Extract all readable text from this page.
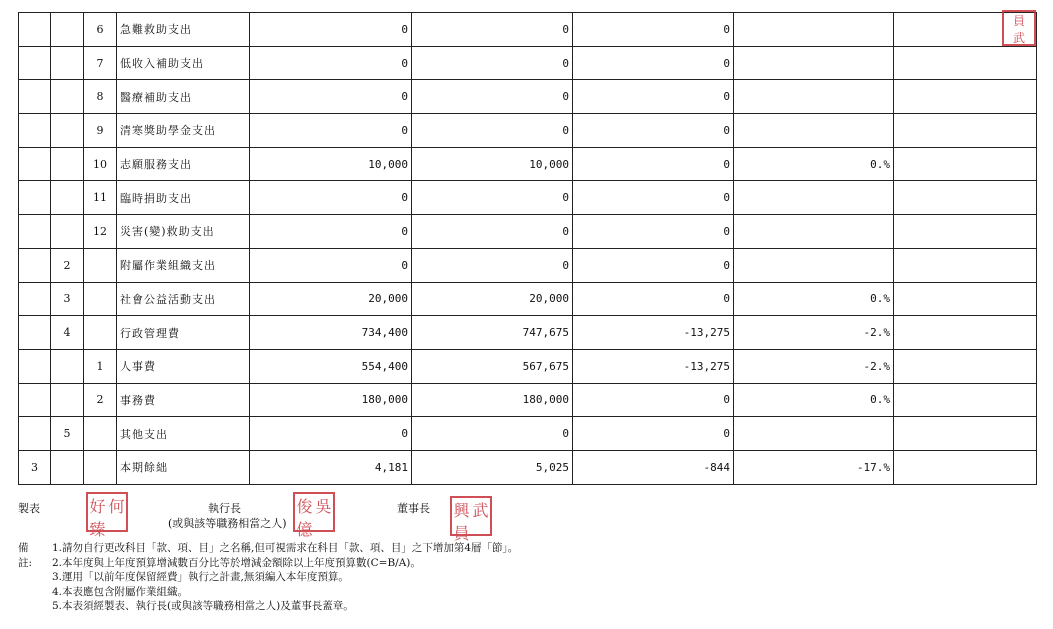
		6	急難救助支出	0	0	0		
		7	低收入補助支出	0	0	0		
		8	醫療補助支出	0	0	0		
		9	清寒獎助學金支出	0	0	0		
		10	志願服務支出	10,000	10,000	0	0.%	
		11	臨時捐助支出	0	0	0		
		12	災害(變)救助支出	0	0	0		
	2		附屬作業組織支出	0	0	0		
	3		社會公益活動支出	20,000	20,000	0	0.%	
	4		行政管理費	734,400	747,675	-13,275	-2.%	
		1	人事費	554,400	567,675	-13,275	-2.%	
		2	事務費	180,000	180,000	0	0.%	
	5		其他支出	0	0	0		
3			本期餘絀	4,181	5,025	-844	-17.%	
員
武
製表	好 何
臻
執行長
(或與該等職務相當之人)
俊 吳
億
董事長 興 武
員
備註:
1.請勿自行更改科目「款、項、目」之名稱,但可視需求在科目「款、項、目」之下增加第4層「節」。
2.本年度與上年度預算增減數百分比等於增減金額除以上年度預算數(C=B/A)。
3.運用「以前年度保留經費」執行之計畫,無須編入本年度預算。
4.本表應包含附屬作業組織。
5.本表須經製表、執行長(或與該等職務相當之人)及董事長蓋章。
